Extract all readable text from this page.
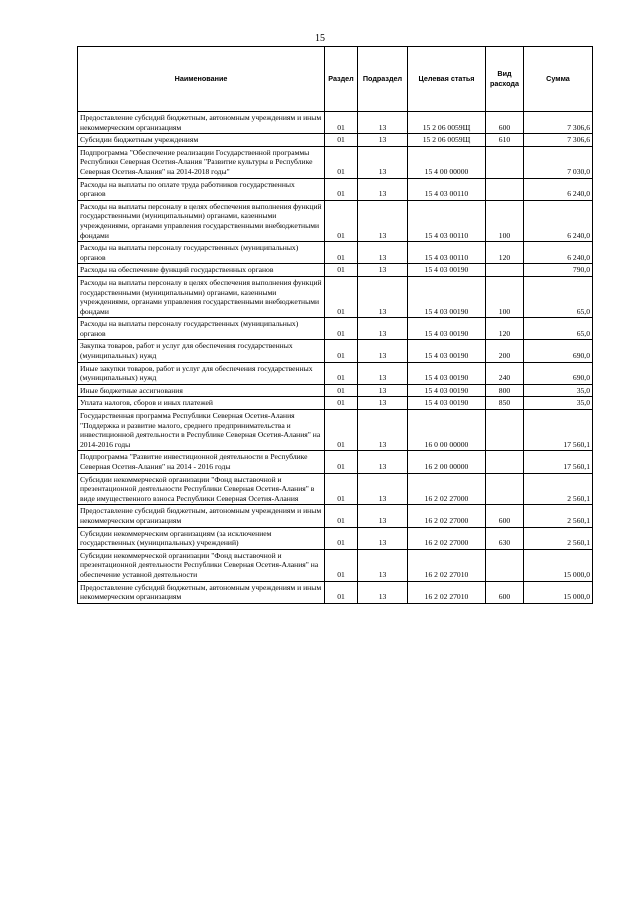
15
Наименование	Раздел	Подраздел	Целевая статья	Вид расхода	Сумма
Предоставление субсидий бюджетным, автономным учреждениям и иным некоммерческим организациям	01	13	15 2 06 0059Щ	600	7 306,6
Субсидии бюджетным учреждениям	01	13	15 2 06 0059Щ	610	7 306,6
Подпрограмма "Обеспечение реализации Государственной программы Республики Северная Осетия-Алания "Развитие культуры в Республике Северная Осетия-Алания" на 2014-2018 годы"	01	13	15 4 00 00000		7 030,0
Расходы на выплаты по оплате труда работников государственных органов	01	13	15 4 03 00110		6 240,0
Расходы на выплаты персоналу в целях обеспечения выполнения функций государственными (муниципальными) органами, казенными учреждениями, органами управления государственными внебюджетными фондами	01	13	15 4 03 00110	100	6 240,0
Расходы на выплаты персоналу государственных (муниципальных) органов	01	13	15 4 03 00110	120	6 240,0
Расходы на обеспечение функций государственных органов	01	13	15 4 03 00190		790,0
Расходы на выплаты персоналу в целях обеспечения выполнения функций государственными (муниципальными) органами, казенными учреждениями, органами управления государственными внебюджетными фондами	01	13	15 4 03 00190	100	65,0
Расходы на выплаты персоналу государственных (муниципальных) органов	01	13	15 4 03 00190	120	65,0
Закупка товаров, работ и услуг для обеспечения государственных (муниципальных) нужд	01	13	15 4 03 00190	200	690,0
Иные закупки товаров, работ и услуг для обеспечения государственных (муниципальных) нужд	01	13	15 4 03 00190	240	690,0
Иные бюджетные ассигнования	01	13	15 4 03 00190	800	35,0
Уплата налогов, сборов и иных платежей	01	13	15 4 03 00190	850	35,0
Государственная программа Республики Северная Осетия-Алания "Поддержка и развитие малого, среднего предпринимательства и инвестиционной деятельности в Республике Северная Осетия-Алания" на 2014-2016 годы	01	13	16 0 00 00000		17 560,1
Подпрограмма "Развитие инвестиционной деятельности в Республике Северная Осетия-Алания" на 2014 - 2016 годы	01	13	16 2 00 00000		17 560,1
Субсидии некоммерческой организации "Фонд выставочной и презентационной деятельности Республики Северная Осетия-Алания" в виде имущественного взноса Республики Северная Осетия-Алания	01	13	16 2 02 27000		2 560,1
Предоставление субсидий бюджетным, автономным учреждениям и иным некоммерческим организациям	01	13	16 2 02 27000	600	2 560,1
Субсидии некоммерческим организациям (за исключением государственных (муниципальных) учреждений)	01	13	16 2 02 27000	630	2 560,1
Субсидии некоммерческой организации "Фонд выставочной и презентационной деятельности Республики Северная Осетия-Алания" на обеспечение уставной деятельности	01	13	16 2 02 27010		15 000,0
Предоставление субсидий бюджетным, автономным учреждениям и иным некоммерческим организациям	01	13	16 2 02 27010	600	15 000,0
